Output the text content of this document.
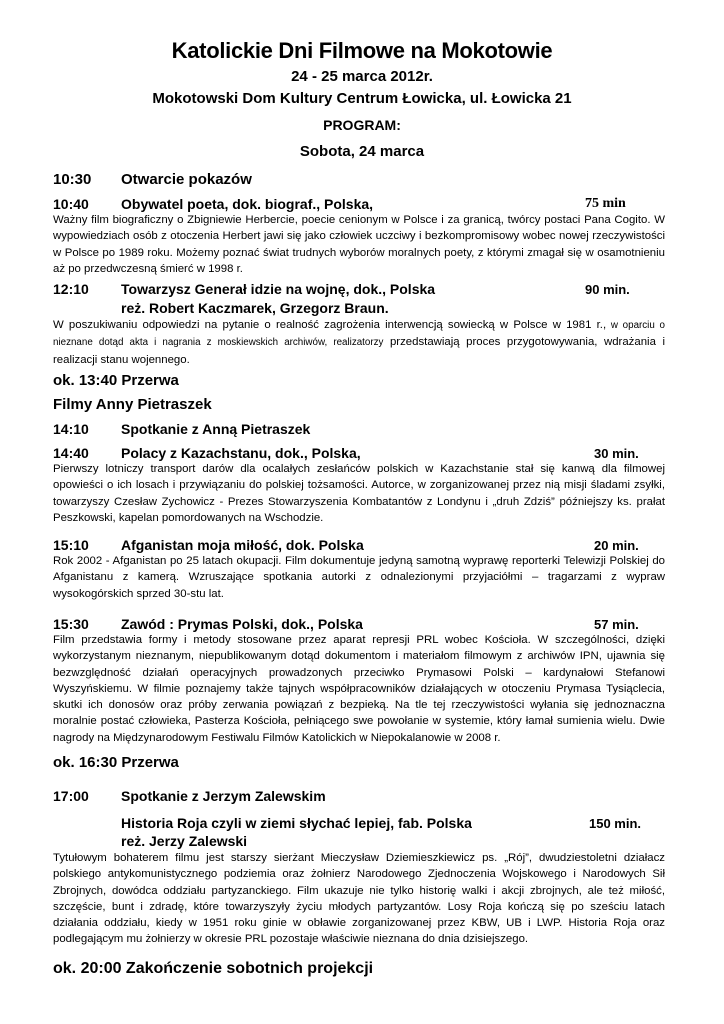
Katolickie Dni Filmowe na Mokotowie
24 - 25 marca 2012r.
Mokotowski Dom Kultury Centrum Łowicka, ul. Łowicka 21
PROGRAM:
Sobota, 24 marca
10:30 Otwarcie pokazów
10:40 Obywatel poeta, dok. biograf., Polska,	75 min

Ważny film biograficzny o Zbigniewie Herbercie, poecie cenionym w Polsce i za granicą, twórcy postaci Pana Cogito. W wypowiedziach osób z otoczenia Herbert jawi się jako człowiek uczciwy i bezkompromisowy wobec nowej rzeczywistości w Polsce po 1989 roku. Możemy poznać świat trudnych wyborów moralnych poety, z którymi zmagał się w osamotnieniu aż po przedwczesną śmierć w 1998 r.

12:10 Towarzysz Generał idzie na wojnę, dok., Polska	90 min.
reż. Robert Kaczmarek, Grzegorz Braun.

W poszukiwaniu odpowiedzi na pytanie o realność zagrożenia interwencją sowiecką w Polsce w 1981 r., w oparciu o nieznane dotąd akta i nagrania z moskiewskich archiwów, realizatorzy przedstawiają proces przygotowywania, wdrażania i realizacji stanu wojennego.

ok. 13:40 Przerwa
Filmy Anny Pietraszek
14:10 Spotkanie z Anną Pietraszek
14:40 Polacy z Kazachstanu, dok., Polska,	30 min.

Pierwszy lotniczy transport darów dla ocalałych zesłańców polskich w Kazachstanie stał się kanwą dla filmowej opowieści o ich losach i przywiązaniu do polskiej tożsamości. Autorce, w zorganizowanej przez nią misji śladami zsyłki, towarzyszy Czesław Zychowicz - Prezes Stowarzyszenia Kombatantów z Londynu i „druh Zdziś” późniejszy ks. prałat Peszkowski, kapelan pomordowanych na Wschodzie.

15:10 Afganistan moja miłość, dok. Polska	20 min.

Rok 2002 - Afganistan po 25 latach okupacji. Film dokumentuje jedyną samotną wyprawę reporterki Telewizji Polskiej do Afganistanu z kamerą. Wzruszające spotkania autorki z odnalezionymi przyjaciółmi – tragarzami z wypraw wysokogórskich sprzed 30-stu lat.

15:30 Zawód : Prymas Polski, dok., Polska	57 min.

Film przedstawia formy i metody stosowane przez aparat represji PRL wobec Kościoła. W szczególności, dzięki wykorzystanym nieznanym, niepublikowanym dotąd dokumentom i materiałom filmowym z archiwów IPN, ujawnia się bezwzględność działań operacyjnych prowadzonych przeciwko Prymasowi Polski – kardynałowi Stefanowi Wyszyńskiemu. W filmie poznajemy także tajnych współpracowników działających w otoczeniu Prymasa Tysiąclecia, skutki ich donosów oraz próby zerwania powiązań z bezpieką. Na tle tej rzeczywistości wyłania się jednoznaczna moralnie postać człowieka, Pasterza Kościoła, pełniącego swe powołanie w systemie, który łamał sumienia wielu. Dwie nagrody na Międzynarodowym Festiwalu Filmów Katolickich w Niepokalanowie w 2008 r.

ok. 16:30 Przerwa
17:00 Spotkanie z Jerzym Zalewskim
Historia Roja czyli w ziemi słychać lepiej, fab. Polska	150 min.
reż. Jerzy Zalewski

Tytułowym bohaterem filmu jest starszy sierżant Mieczysław Dziemieszkiewicz ps. „Rój”, dwudziestoletni działacz polskiego antykomunistycznego podziemia oraz żołnierz Narodowego Zjednoczenia Wojskowego i Narodowych Sił Zbrojnych, dowódca oddziału partyzanckiego. Film ukazuje nie tylko historię walki i akcji zbrojnych, ale też miłość, szczęście, bunt i zdradę, które towarzyszyły życiu młodych partyzantów. Losy Roja kończą się po sześciu latach działania oddziału, kiedy w 1951 roku ginie w obławie zorganizowanej przez KBW, UB i LWP. Historia Roja oraz podlegającym mu żołnierzy w okresie PRL pozostaje właściwie nieznana do dnia dzisiejszego.

ok. 20:00 Zakończenie sobotnich projekcji
